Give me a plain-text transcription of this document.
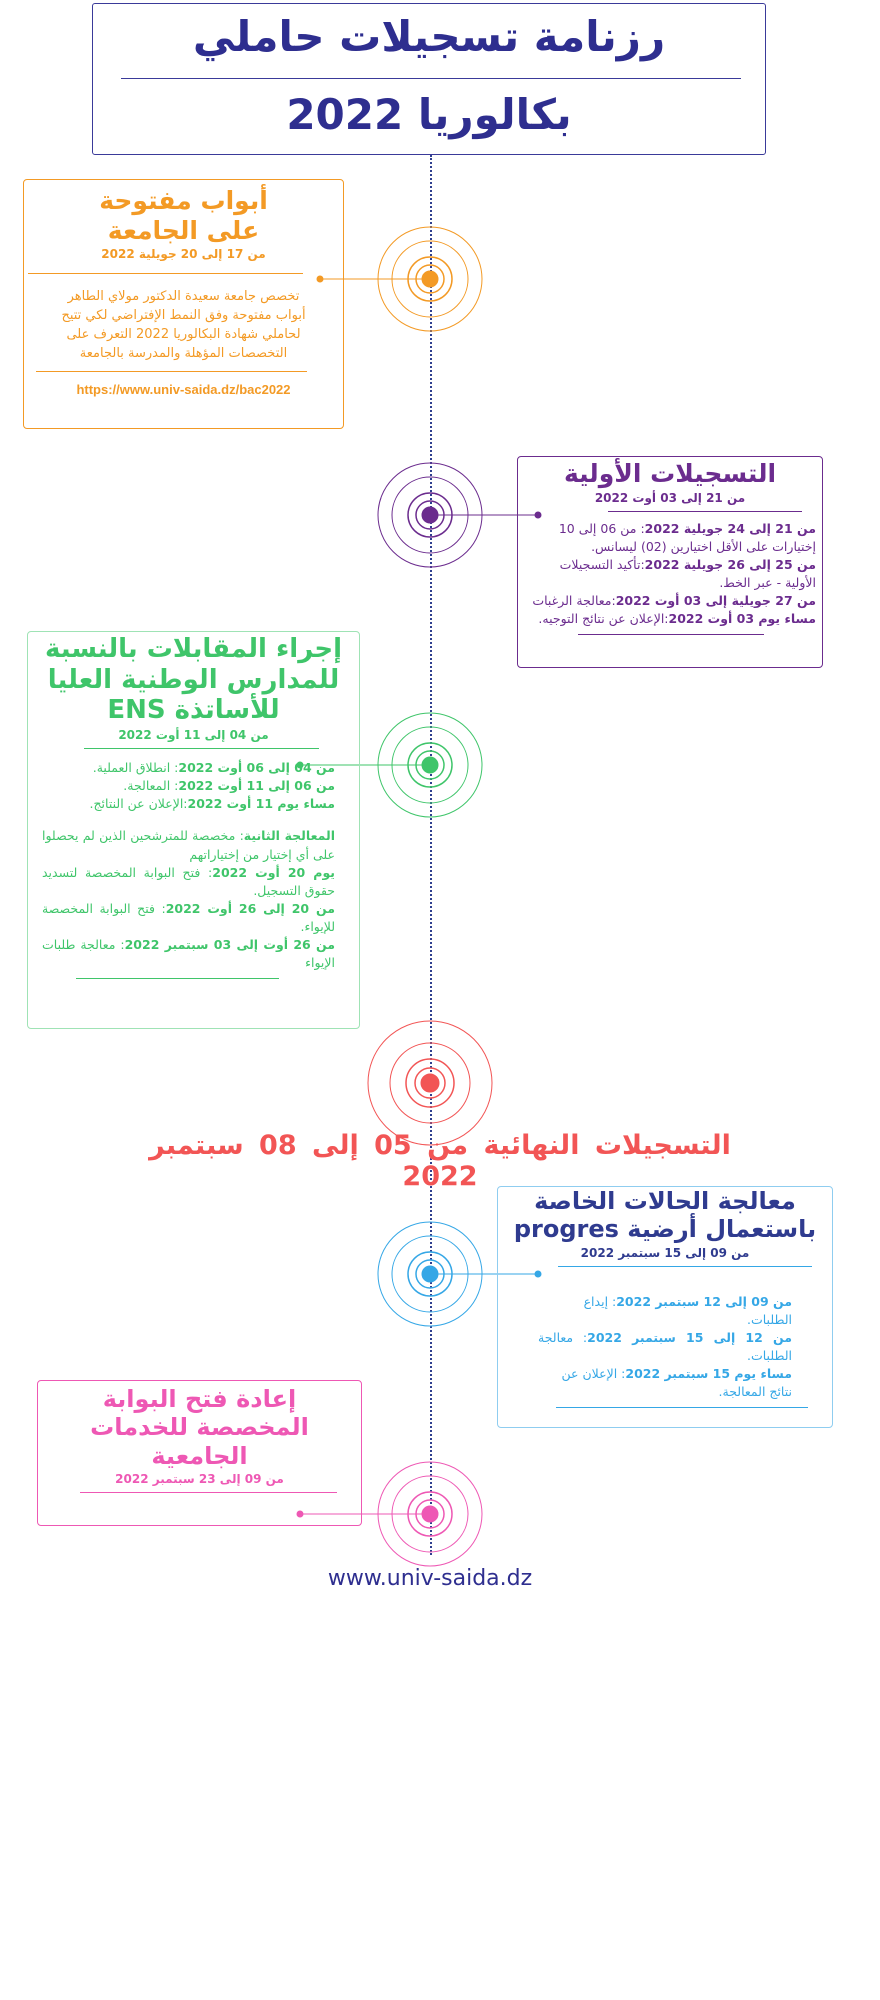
رزنامة تسجيلات حاملي
بكالوريا 2022
أبواب مفتوحة
على الجامعة
من 17 إلى 20 جويلية 2022
تخصص جامعة سعيدة الدكتور مولاي الطاهر
أبواب مفتوحة وفق النمط الإفتراضي لكي تتيح
لحاملي شهادة البكالوريا 2022 التعرف على
التخصصات المؤهلة والمدرسة بالجامعة
https://www.univ-saida.dz/bac2022
التسجيلات الأولية
من 21 إلى 03 أوت 2022
من 21 إلى 24 جويلية 2022: من 06 إلى 10 إختيارات على الأقل اختيارين (02) ليسانس.
من 25 إلى 26 جويلية 2022:تأكيد التسجيلات الأولية - عبر الخط.
من 27 جويلية إلى 03 أوت 2022:معالجة الرغبات
مساء يوم 03 أوت 2022:الإعلان عن نتائج التوجيه.
إجراء المقابلات بالنسبة
للمدارس الوطنية العليا
للأساتذة ENS
من 04 إلى 11 أوت 2022
من 04 إلى 06 أوت 2022: انطلاق العملية.
من 06 إلى 11 أوت 2022: المعالجة.
مساء يوم 11 أوت 2022:الإعلان عن النتائج.
المعالجة الثانية: مخصصة للمترشحين الذين لم يحصلوا على أي إختيار من إختياراتهم
يوم 20 أوت 2022: فتح البوابة المخصصة لتسديد حقوق التسجيل.
من 20 إلى 26 أوت 2022: فتح البوابة المخصصة للإيواء.
من 26 أوت إلى 03 سبتمبر 2022: معالجة طلبات الإيواء
التسجيلات النهائية من 05 إلى 08 سبتمبر 2022
معالجة الحالات الخاصة
باستعمال أرضية progres
من 09 إلى 15 سبتمبر 2022
من 09 إلى 12 سبتمبر 2022: إيداع الطلبات.
من 12 إلى 15 سبتمبر 2022: معالجة الطلبات.
مساء يوم 15 سبتمبر 2022: الإعلان عن نتائج المعالجة.
إعادة فتح البوابة
المخصصة للخدمات
الجامعية
من 09 إلى 23 سبتمبر 2022
www.univ-saida.dz
